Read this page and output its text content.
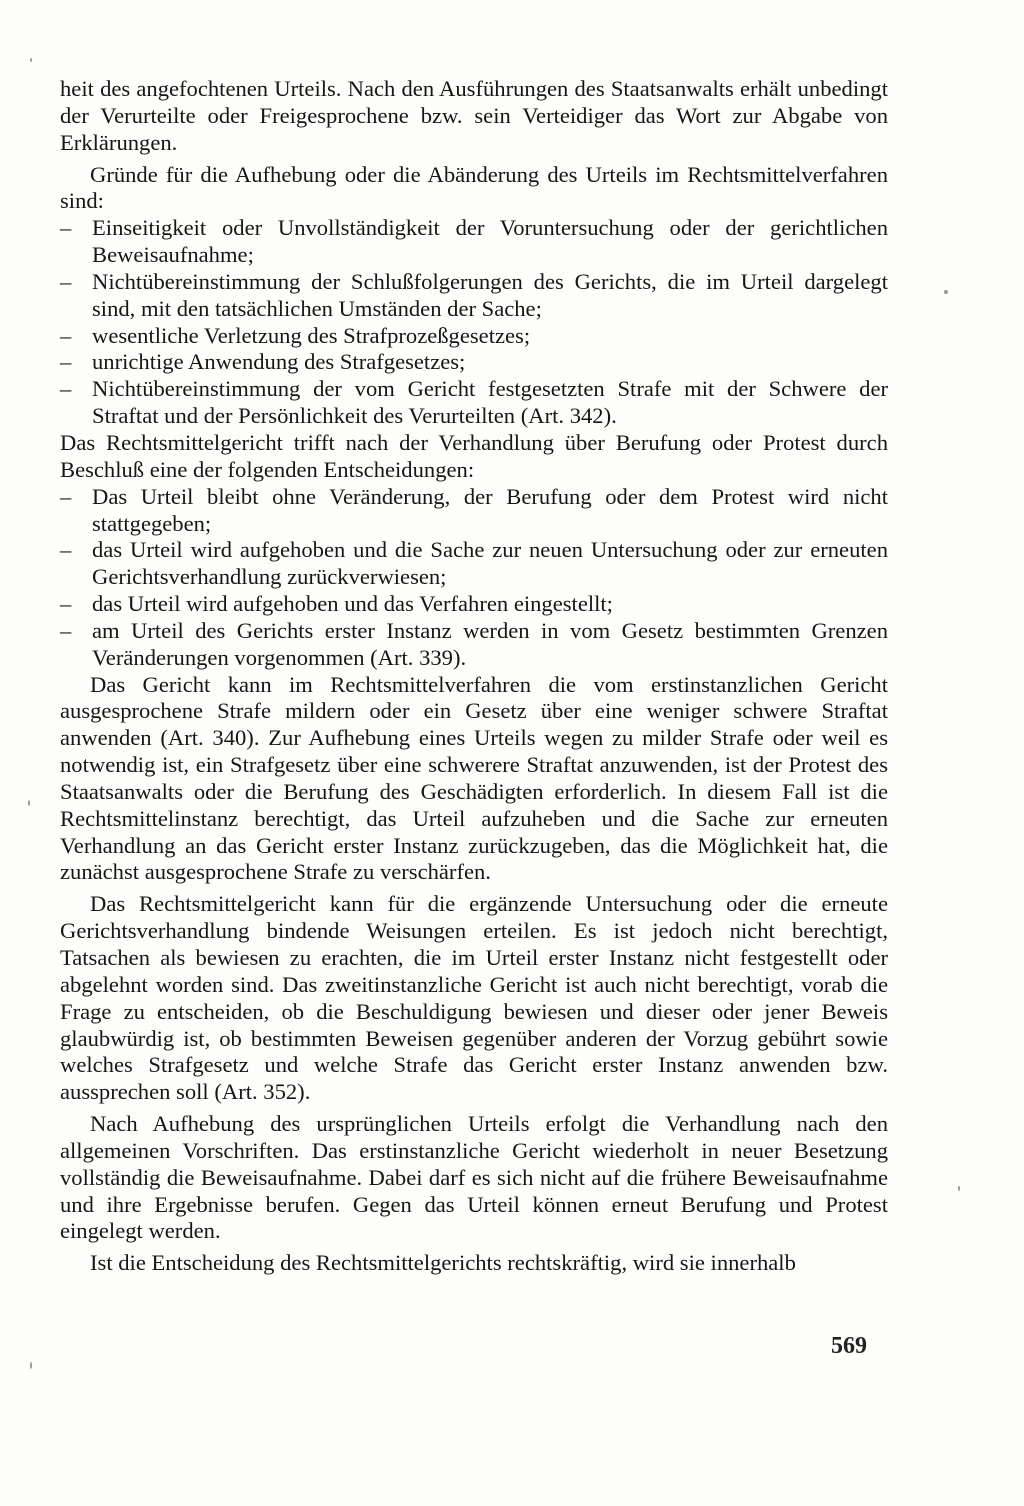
heit des angefochtenen Urteils. Nach den Ausführungen des Staatsanwalts erhält unbedingt der Verurteilte oder Freigesprochene bzw. sein Verteidiger das Wort zur Abgabe von Erklärungen.

Gründe für die Aufhebung oder die Abänderung des Urteils im Rechtsmittelverfahren sind:

– Einseitigkeit oder Unvollständigkeit der Voruntersuchung oder der gerichtlichen Beweisaufnahme;
– Nichtübereinstimmung der Schlußfolgerungen des Gerichts, die im Urteil dargelegt sind, mit den tatsächlichen Umständen der Sache;
– wesentliche Verletzung des Strafprozeßgesetzes;
– unrichtige Anwendung des Strafgesetzes;
– Nichtübereinstimmung der vom Gericht festgesetzten Strafe mit der Schwere der Straftat und der Persönlichkeit des Verurteilten (Art. 342).

Das Rechtsmittelgericht trifft nach der Verhandlung über Berufung oder Protest durch Beschluß eine der folgenden Entscheidungen:

– Das Urteil bleibt ohne Veränderung, der Berufung oder dem Protest wird nicht stattgegeben;
– das Urteil wird aufgehoben und die Sache zur neuen Untersuchung oder zur erneuten Gerichtsverhandlung zurückverwiesen;
– das Urteil wird aufgehoben und das Verfahren eingestellt;
– am Urteil des Gerichts erster Instanz werden in vom Gesetz bestimmten Grenzen Veränderungen vorgenommen (Art. 339).

Das Gericht kann im Rechtsmittelverfahren die vom erstinstanzlichen Gericht ausgesprochene Strafe mildern oder ein Gesetz über eine weniger schwere Straftat anwenden (Art. 340). Zur Aufhebung eines Urteils wegen zu milder Strafe oder weil es notwendig ist, ein Strafgesetz über eine schwerere Straftat anzuwenden, ist der Protest des Staatsanwalts oder die Berufung des Geschädigten erforderlich. In diesem Fall ist die Rechtsmittelinstanz berechtigt, das Urteil aufzuheben und die Sache zur erneuten Verhandlung an das Gericht erster Instanz zurückzugeben, das die Möglichkeit hat, die zunächst ausgesprochene Strafe zu verschärfen.

Das Rechtsmittelgericht kann für die ergänzende Untersuchung oder die erneute Gerichtsverhandlung bindende Weisungen erteilen. Es ist jedoch nicht berechtigt, Tatsachen als bewiesen zu erachten, die im Urteil erster Instanz nicht festgestellt oder abgelehnt worden sind. Das zweitinstanzliche Gericht ist auch nicht berechtigt, vorab die Frage zu entscheiden, ob die Beschuldigung bewiesen und dieser oder jener Beweis glaubwürdig ist, ob bestimmten Beweisen gegenüber anderen der Vorzug gebührt sowie welches Strafgesetz und welche Strafe das Gericht erster Instanz anwenden bzw. aussprechen soll (Art. 352).

Nach Aufhebung des ursprünglichen Urteils erfolgt die Verhandlung nach den allgemeinen Vorschriften. Das erstinstanzliche Gericht wiederholt in neuer Besetzung vollständig die Beweisaufnahme. Dabei darf es sich nicht auf die frühere Beweisaufnahme und ihre Ergebnisse berufen. Gegen das Urteil können erneut Berufung und Protest eingelegt werden.

Ist die Entscheidung des Rechtsmittelgerichts rechtskräftig, wird sie innerhalb

569
